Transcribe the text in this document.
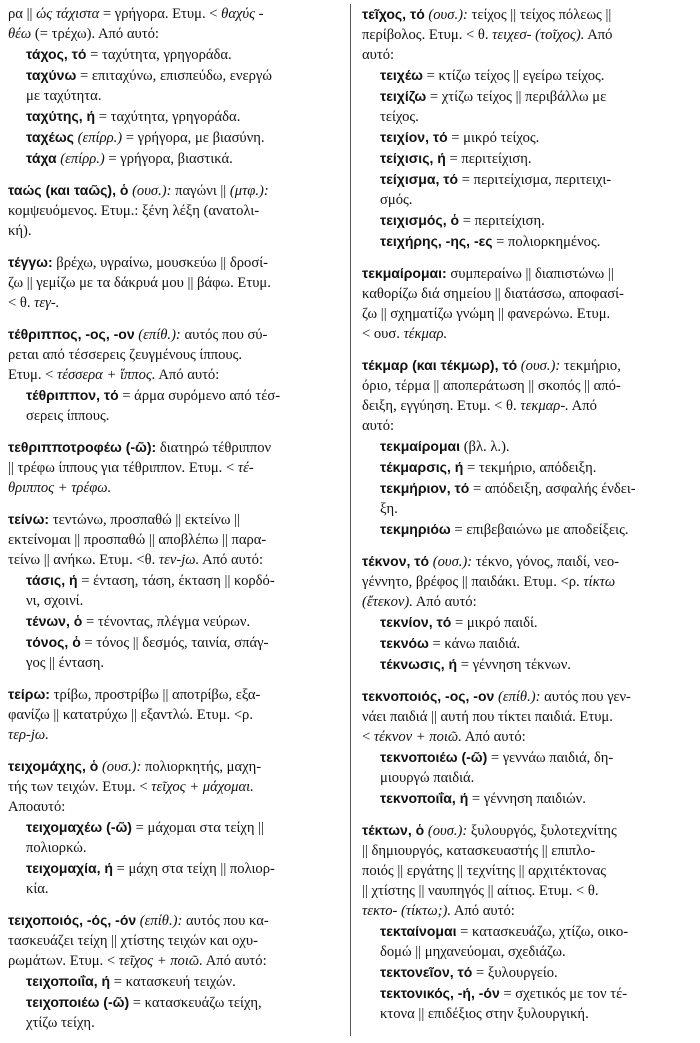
ρα || ώς τάχιστα = γρήγορα. Ετυμ. < θαχύς -
θέω (= τρέχω). Από αυτό:
τάχος, τό = ταχύτητα, γρηγοράδα.
ταχύνω = επιταχύνω, επισπεύδω, ενεργώ
με ταχύτητα.
ταχύτης, ή = ταχύτητα, γρηγοράδα.
ταχέως (επίρρ.) = γρήγορα, με βιασύνη.
τάχα (επίρρ.) = γρήγορα, βιαστικά.
ταώς (και ταῶς), ὁ (ουσ.): παγώνι || (μτφ.):
κομψευόμενος. Ετυμ.: ξένη λέξη (ανατολι-
κή).
τέγγω: βρέχω, υγραίνω, μουσκεύω || δροσί-
ζω || γεμίζω με τα δάκρυά μου || βάφω. Ετυμ.
< θ. τεγ-.
τέθριππος, -ος, -ον (επίθ.): αυτός που σύ-
ρεται από τέσσερεις ζευγμένους ίππους.
Ετυμ. < τέσσερα + ἵππος. Από αυτό:
τέθριππον, τό = άρμα συρόμενο από τέσ-
σερεις ίππους.
τεθριπποτροφέω (-ῶ): διατηρώ τέθριππον
|| τρέφω ίππους για τέθριππον. Ετυμ. < τέ-
θριππος + τρέφω.
τείνω: τεντώνω, προσπαθώ || εκτείνω ||
εκτείνομαι || προσπαθώ || αποβλέπω || παρα-
τείνω || ανήκω. Ετυμ. <θ. τεν-jω. Από αυτό:
τάσις, ή = ένταση, τάση, έκταση || κορδό-
νι, σχοινί.
τένων, ὁ = τένοντας, πλέγμα νεύρων.
τόνος, ὁ = τόνος || δεσμός, ταινία, σπάγ-
γος || ένταση.
τείρω: τρίβω, προστρίβω || αποτρίβω, εξα-
φανίζω || κατατρύχω || εξαντλώ. Ετυμ. <ρ.
τερ-jω.
τειχομάχης, ὁ (ουσ.): πολιορκητής, μαχη-
τής των τειχών. Ετυμ. < τεῖχος + μάχομαι.
Αποαυτό:
τειχομαχέω (-ῶ) = μάχομαι στα τείχη ||
πολιορκώ.
τειχομαχία, ή = μάχη στα τείχη || πολιορ-
κία.
τειχοποιός, -ός, -όν (επίθ.): αυτός που κα-
τασκευάζει τείχη || χτίστης τειχών και οχυ-
ρωμάτων. Ετυμ. < τεῖχος + ποιῶ. Από αυτό:
τειχοποιΐα, ή = κατασκευή τειχών.
τειχοποιέω (-ῶ) = κατασκευάζω τείχη,
χτίζω τείχη.
τεῖχος, τό (ουσ.): τείχος || τείχος πόλεως ||
περίβολος. Ετυμ. < θ. τειχεσ- (τοῖχος). Από
αυτό:
τειχέω = κτίζω τείχος || εγείρω τείχος.
τειχίζω = χτίζω τείχος || περιβάλλω με
τείχος.
τειχίον, τό = μικρό τείχος.
τείχισις, ή = περιτείχιση.
τείχισμα, τό = περιτείχισμα, περιτειχι-
σμός.
τειχισμός, ὁ = περιτείχιση.
τειχήρης, -ης, -ες = πολιορκημένος.
τεκμαίρομαι: συμπεραίνω || διαπιστώνω ||
καθορίζω διά σημείου || διατάσσω, αποφασί-
ζω || σχηματίζω γνώμη || φανερώνω. Ετυμ.
< ουσ. τέκμαρ.
τέκμαρ (και τέκμωρ), τό (ουσ.): τεκμήριο,
όριο, τέρμα || αποπεράτωση || σκοπός || από-
δειξη, εγγύηση. Ετυμ. < θ. τεκμαρ-. Από
αυτό:
τεκμαίρομαι (βλ. λ.).
τέκμαρσις, ή = τεκμήριο, απόδειξη.
τεκμήριον, τό = απόδειξη, ασφαλής ένδει-
ξη.
τεκμηριόω = επιβεβαιώνω με αποδείξεις.
τέκνον, τό (ουσ.): τέκνο, γόνος, παιδί, νεο-
γέννητο, βρέφος || παιδάκι. Ετυμ. <ρ. τίκτω
(ἔτεκον). Από αυτό:
τεκνίον, τό = μικρό παιδί.
τεκνόω = κάνω παιδιά.
τέκνωσις, ή = γέννηση τέκνων.
τεκνοποιός, -ος, -ον (επίθ.): αυτός που γεν-
νάει παιδιά || αυτή που τίκτει παιδιά. Ετυμ.
< τέκνον + ποιῶ. Από αυτό:
τεκνοποιέω (-ῶ) = γεννάω παιδιά, δη-
μιουργώ παιδιά.
τεκνοποιΐα, ή = γέννηση παιδιών.
τέκτων, ὁ (ουσ.): ξυλουργός, ξυλοτεχνίτης
|| δημιουργός, κατασκευαστής || επιπλο-
ποιός || εργάτης || τεχνίτης || αρχιτέκτονας
|| χτίστης || ναυπηγός || αίτιος. Ετυμ. < θ.
τεκτο- (τίκτω;). Από αυτό:
τεκταίνομαι = κατασκευάζω, χτίζω, οικο-
δομώ || μηχανεύομαι, σχεδιάζω.
τεκτονεῖον, τό = ξυλουργείο.
τεκτονικός, -ή, -όν = σχετικός με τον τέ-
κτονα || επιδέξιος στην ξυλουργική.
